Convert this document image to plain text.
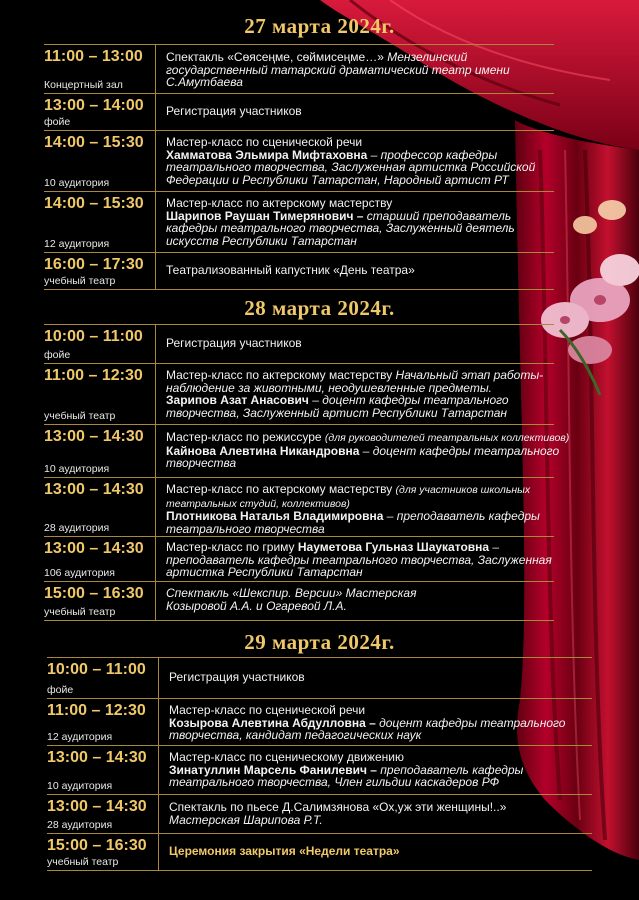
27 марта 2024г.
11:00 – 13:00
Концертный зал
Спектакль «Сөясеңме, сөймисеңме…» Мензелинский государственный татарский драматический театр имени С.Амутбаева
13:00 – 14:00
фойе
Регистрация участников
14:00 – 15:30
10 аудитория
Мастер-класс по сценической речи
Хамматова Эльмира Мифтаховна – профессор кафедры театрального творчества, Заслуженная артистка Российской Федерации и Республики Татарстан, Народный артист РТ
14:00 – 15:30
12 аудитория
Мастер-класс по актерскому мастерству
Шарипов Раушан Тимерянович – старший преподаватель кафедры театрального творчества, Заслуженный деятель искусств Республики Татарстан
16:00 – 17:30
учебный театр
Театрализованный капустник «День театра»
28 марта 2024г.
10:00 – 11:00
фойе
Регистрация участников
11:00 – 12:30
учебный театр
Мастер-класс по актерскому мастерству Начальный этап работы-наблюдение за животными, неодушевленные предметы.
Зарипов Азат Анасович – доцент кафедры театрального творчества, Заслуженный артист Республики Татарстан
13:00 – 14:30
10 аудитория
Мастер-класс по режиссуре (для руководителей театральных коллективов) Кайнова Алевтина Никандровна – доцент кафедры театрального творчества
13:00 – 14:30
28 аудитория
Мастер-класс по актерскому мастерству (для участников школьных театральных студий, коллективов)
Плотникова Наталья Владимировна – преподаватель кафедры театрального творчества
13:00 – 14:30
106 аудитория
Мастер-класс по гриму Науметова Гульназ Шаукатовна – преподаватель кафедры театрального творчества, Заслуженная артистка Республики Татарстан
15:00 – 16:30
учебный театр
Спектакль «Шекспир. Версии» Мастерская Козыровой А.А. и Огаревой Л.А.
29 марта 2024г.
10:00 – 11:00
фойе
Регистрация участников
11:00 – 12:30
12 аудитория
Мастер-класс по сценической речи
Козырова Алевтина Абдулловна – доцент кафедры театрального творчества, кандидат педагогических наук
13:00 – 14:30
10 аудитория
Мастер-класс по сценическому движению
Зинатуллин Марсель Фанилевич – преподаватель кафедры театрального творчества, Член гильдии каскадеров РФ
13:00 – 14:30
28 аудитория
Спектакль по пьесе Д.Салимзянова «Ох,уж эти женщины!..»
Мастерская Шарипова Р.Т.
15:00 – 16:30
учебный театр
Церемония закрытия «Недели театра»
